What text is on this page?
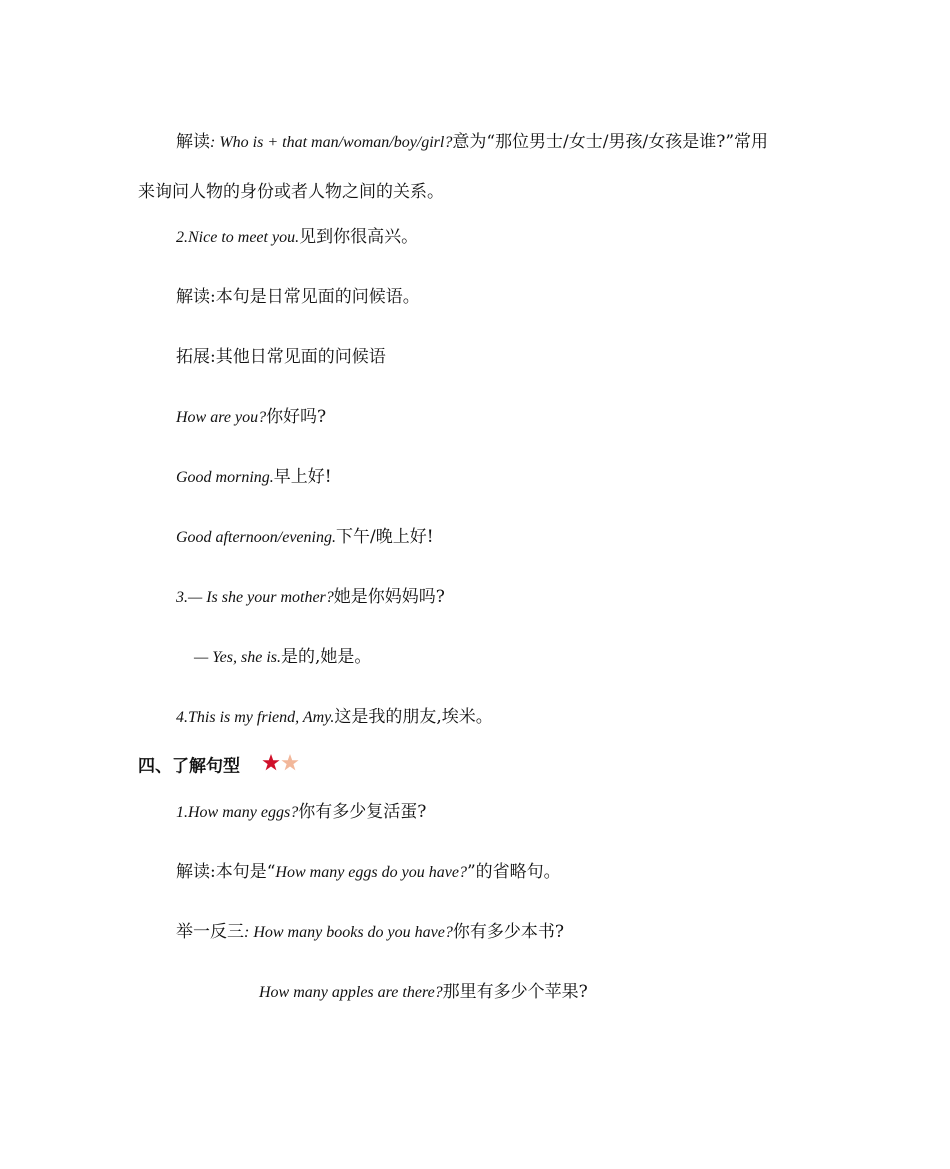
解读: Who is + that man/woman/boy/girl?意为“那位男士/女士/男孩/女孩是谁?”常用
来询问人物的身份或者人物之间的关系。
2.Nice to meet you.见到你很高兴。
解读:本句是日常见面的问候语。
拓展:其他日常见面的问候语
How are you?你好吗?
Good morning.早上好!
Good afternoon/evening.下午/晚上好!
3.— Is she your mother?她是你妈妈吗?
— Yes, she is.是的,她是。
4.This is my friend, Amy.这是我的朋友,埃米。
四、了解句型
1.How many eggs?你有多少复活蛋?
解读:本句是“How many eggs do you have?”的省略句。
举一反三: How many books do you have?你有多少本书?
How many apples are there?那里有多少个苹果?
